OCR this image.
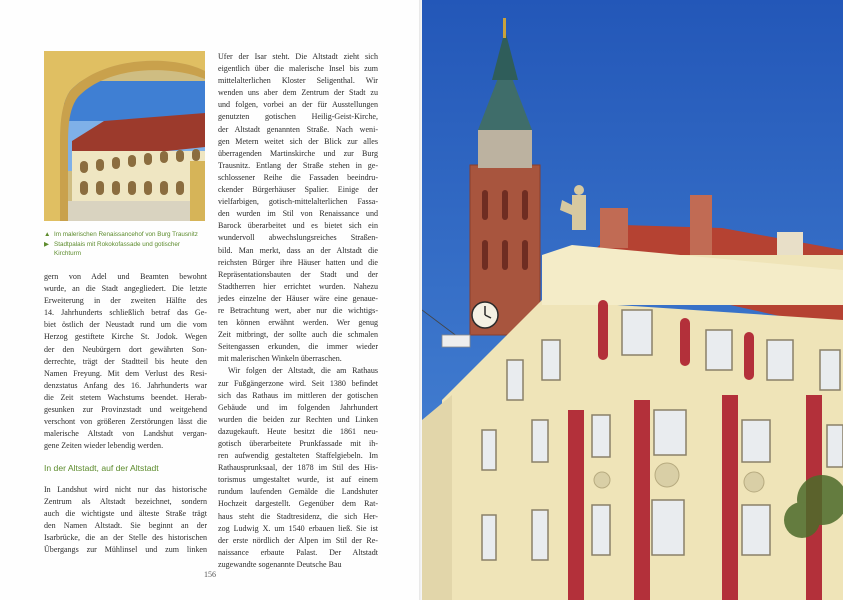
▲ Im malerischen Renaissancehof von Burg Trausnitz
▶ Stadtpalais mit Rokokofassade und gotischer
Kirchturm
gern von Adel und Beamten bewohnt
wurde, an die Stadt angegliedert. Die letzte
Erweiterung in der zweiten Hälfte des
14. Jahrhunderts schließlich betraf das Ge-
biet östlich der Neustadt rund um die vom
Herzog gestiftete Kirche St. Jodok. Wegen
der den Neubürgern dort gewährten Son-
derrechte, trägt der Stadtteil bis heute den
Namen Freyung. Mit dem Verlust des Resi-
denzstatus Anfang des 16. Jahrhunderts war
die Zeit stetem Wachstums beendet. Herab-
gesunken zur Provinzstadt und weitgehend
verschont von größeren Zerstörungen lässt die
malerische Altstadt von Landshut vergan-
gene Zeiten wieder lebendig werden.
In der Altstadt, auf der Altstadt
In Landshut wird nicht nur das historische
Zentrum als Altstadt bezeichnet, sondern
auch die wichtigste und älteste Straße trägt
den Namen Altstadt. Sie beginnt an der
Isarbrücke, die an der Stelle des historischen
Übergangs zur Mühlinsel und zum linken
Ufer der Isar steht. Die Altstadt zieht sich
eigentlich über die malerische Insel bis zum
mittelalterlichen Kloster Seligenthal. Wir
wenden uns aber dem Zentrum der Stadt zu
und folgen, vorbei an der für Ausstellungen
genutzten gotischen Heilig-Geist-Kirche,
der Altstadt genannten Straße. Nach weni-
gen Metern weitet sich der Blick zur alles
überragenden Martinskirche und zur Burg
Trausnitz. Entlang der Straße stehen in ge-
schlossener Reihe die Fassaden beeindru-
ckender Bürgerhäuser Spalier. Einige der
vielfarbigen, gotisch-mittelalterlichen Fassa-
den wurden im Stil von Renaissance und
Barock überarbeitet und es bietet sich ein
wundervoll abwechslungsreiches Straßen-
bild. Man merkt, dass an der Altstadt die
reichsten Bürger ihre Häuser hatten und die
Repräsentationsbauten der Stadt und der
Stadtherren hier errichtet wurden. Nahezu
jedes einzelne der Häuser wäre eine genaue-
re Betrachtung wert, aber nur die wichtigs-
ten können erwähnt werden. Wer genug
Zeit mitbringt, der sollte auch die schmalen
Seitengassen erkunden, die immer wieder
mit malerischen Winkeln überraschen.
Wir folgen der Altstadt, die am Rathaus
zur Fußgängerzone wird. Seit 1380 befindet
sich das Rathaus im mittleren der gotischen
Gebäude und im folgenden Jahrhundert
wurden die beiden zur Rechten und Linken
dazugekauft. Heute besitzt die 1861 neu-
gotisch überarbeitete Prunkfassade mit ih-
ren aufwendig gestalteten Staffelgiebeln. Im
Rathausprunksaal, der 1878 im Stil des His-
torismus umgestaltet wurde, ist auf einem
rundum laufenden Gemälde die Landshuter
Hochzeit dargestellt. Gegenüber dem Rat-
haus steht die Stadtresidenz, die sich Her-
zog Ludwig X. um 1540 erbauen ließ. Sie ist
der erste nördlich der Alpen im Stil der Re-
naissance erbaute Palast. Der Altstadt
zugewandte sogenannte Deutsche Bau
156
